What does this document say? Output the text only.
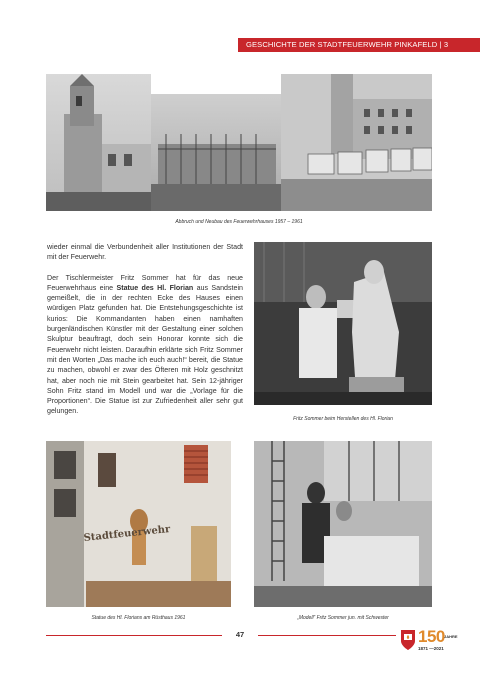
GESCHICHTE DER STADTFEUERWEHR PINKAFELD | 3
Abbruch und Neubau des Feuerwehrhauses 1957 – 1961

wieder einmal die Verbundenheit aller Institutionen der Stadt mit der Feuerwehr.

Der Tischlermeister Fritz Sommer hat für das neue Feuerwehrhaus eine Statue des Hl. Florian aus Sandstein gemeißelt, die in der rechten Ecke des Hauses einen würdigen Platz gefunden hat. Die Entstehungsgeschichte ist kurios: Die Kommandanten haben einen namhaften burgenländischen Künstler mit der Gestaltung einer solchen Skulptur beauftragt, doch sein Honorar konnte sich die Feuerwehr nicht leisten. Daraufhin erklärte sich Fritz Sommer mit den Worten „Das mache ich euch auch!“ bereit, die Statue zu machen, obwohl er zwar des Öfteren mit Holz geschnitzt hat, aber noch nie mit Stein gearbeitet hat. Sein 12-jähriger Sohn Fritz stand im Modell und war die „Vorlage für die Proportionen“. Die Statue ist zur Zufriedenheit aller sehr gut gelungen.

Fritz Sommer beim Herstellen des Hl. Florian
Stadtfeuerwehr
Statue des Hl. Florians am Rüsthaus 1961	„Modell“ Fritz Sommer jun. mit Schwester
47	150 JAHRE
1871 —2021
